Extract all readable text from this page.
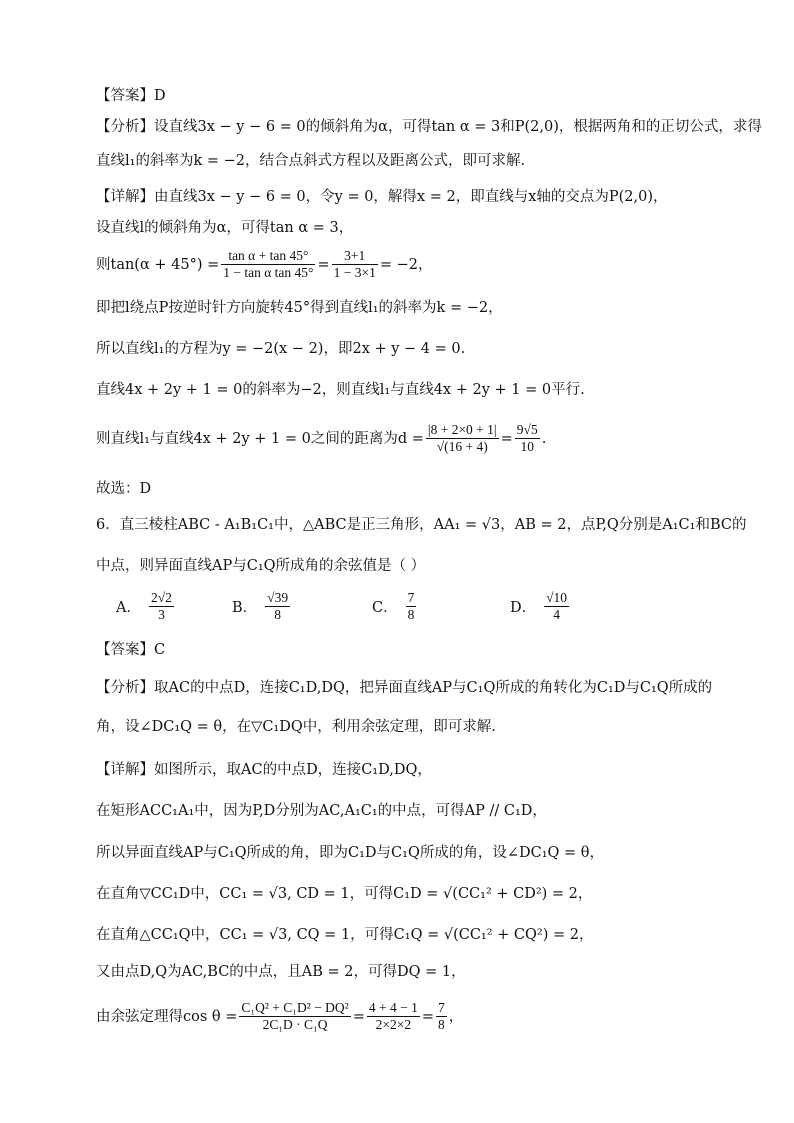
【答案】D
【分析】设直线3x − y − 6 = 0的倾斜角为α，可得tan α = 3和P(2,0)，根据两角和的正切公式，求得
直线l₁的斜率为k = −2，结合点斜式方程以及距离公式，即可求解.
【详解】由直线3x − y − 6 = 0，令y = 0，解得x = 2，即直线与x轴的交点为P(2,0)，
设直线l的倾斜角为α，可得tan α = 3，
则$\tan(\alpha + 45^\circ) = \frac{\text{tan α + tan 45°}}{\text{1 − tan α tan 45°}} = \frac{3+1}{1 - 3\times 1} = -2$，
即把l绕点P按逆时针方向旋转45°得到直线l₁的斜率为k = −2，
所以直线l₁的方程为y = −2(x − 2)，即2x + y − 4 = 0.
直线4x + 2y + 1 = 0的斜率为−2，则直线l₁与直线4x + 2y + 1 = 0平行.
则直线l₁与直线4x + 2y + 1 = 0之间的距离为$d = \frac{|8 + 2\times 0 + 1|}{√(16 + 4)} = \frac{9√5}{10}$ .
故选：D
6．直三棱柱ABC - A₁B₁C₁中，△ABC是正三角形，AA₁ = √3，AB = 2，点P,Q分别是A₁C₁和BC的
中点，则异面直线AP与C₁Q所成角的余弦值是（ ）
A． $\frac{2√2}{3}$	B． $\frac{√39}{8}$	C． $\frac{7}{8}$	D． $\frac{√10}{4}$
【答案】C
【分析】取AC的中点D，连接C₁D,DQ，把异面直线AP与C₁Q所成的角转化为C₁D与C₁Q所成的
角，设∠DC₁Q = θ，在▽C₁DQ中，利用余弦定理，即可求解.
【详解】如图所示，取AC的中点D，连接C₁D,DQ，
在矩形ACC₁A₁中，因为P,D分别为AC,A₁C₁的中点，可得AP // C₁D，
所以异面直线AP与C₁Q所成的角，即为C₁D与C₁Q所成的角，设∠DC₁Q = θ，
在直角▽CC₁D中，CC₁ = √3, CD = 1，可得C₁D = √(CC₁² + CD²) = 2，
在直角△CC₁Q中，CC₁ = √3, CQ = 1，可得C₁Q = √(CC₁² + CQ²) = 2，
又由点D,Q为AC,BC的中点，且AB = 2，可得DQ = 1，
由余弦定理得$\cos \theta = \frac{\text{C₁Q² + C₁D² − DQ²}}{\text{2C₁D · C₁Q}} = \frac{4 + 4 - 1}{2\times 2\times 2} = \frac{7}{8}$ ，
